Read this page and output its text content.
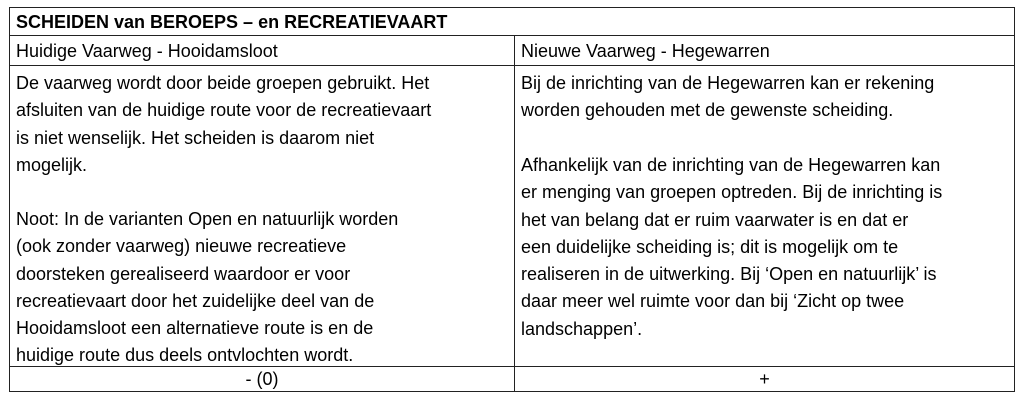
SCHEIDEN van BEROEPS – en RECREATIEVAART
Huidige Vaarweg - Hooidamsloot	Nieuwe Vaarweg - Hegewarren

De vaarweg wordt door beide groepen gebruikt. Het
afsluiten van de huidige route voor de recreatievaart
is niet wenselijk. Het scheiden is daarom niet
mogelijk.

Noot: In de varianten Open en natuurlijk worden
(ook zonder vaarweg) nieuwe recreatieve
doorsteken gerealiseerd waardoor er voor
recreatievaart door het zuidelijke deel van de
Hooidamsloot een alternatieve route is en de
huidige route dus deels ontvlochten wordt.

Bij de inrichting van de Hegewarren kan er rekening
worden gehouden met de gewenste scheiding.

Afhankelijk van de inrichting van de Hegewarren kan
er menging van groepen optreden. Bij de inrichting is
het van belang dat er ruim vaarwater is en dat er
een duidelijke scheiding is; dit is mogelijk om te
realiseren in de uitwerking. Bij ‘Open en natuurlijk’ is
daar meer wel ruimte voor dan bij ‘Zicht op twee
landschappen’.

- (0)	+
